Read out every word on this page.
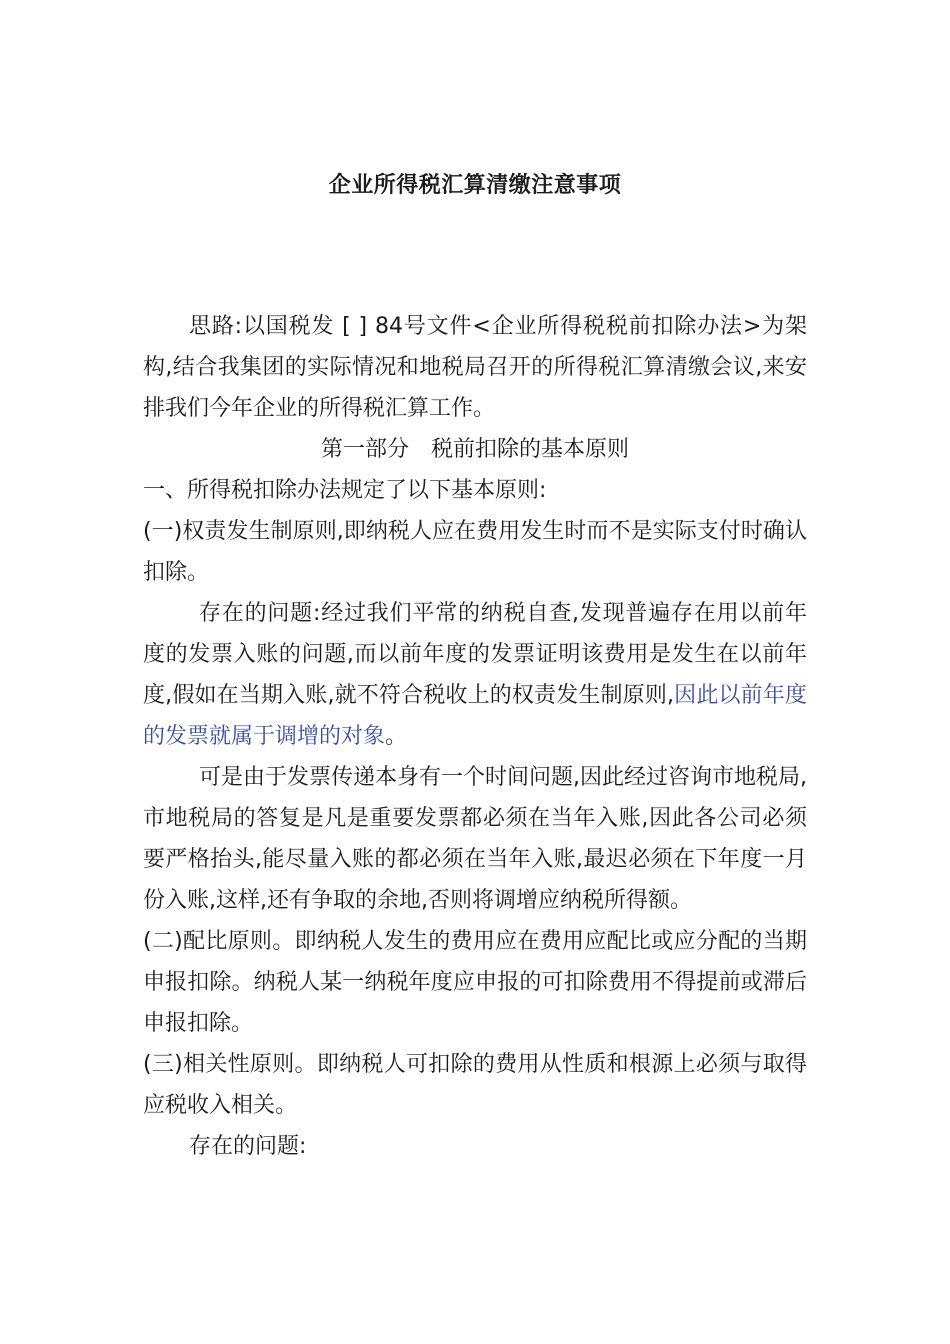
企业所得税汇算清缴注意事项

思路:以国税发 [ ] 84号文件<企业所得税税前扣除办法>为架构,结合我集团的实际情况和地税局召开的所得税汇算清缴会议,来安排我们今年企业的所得税汇算工作。

第一部分　税前扣除的基本原则

一、所得税扣除办法规定了以下基本原则:

(一)权责发生制原则,即纳税人应在费用发生时而不是实际支付时确认扣除。

存在的问题:经过我们平常的纳税自查,发现普遍存在用以前年度的发票入账的问题,而以前年度的发票证明该费用是发生在以前年度,假如在当期入账,就不符合税收上的权责发生制原则,因此以前年度的发票就属于调增的对象。

可是由于发票传递本身有一个时间问题,因此经过咨询市地税局,市地税局的答复是凡是重要发票都必须在当年入账,因此各公司必须要严格抬头,能尽量入账的都必须在当年入账,最迟必须在下年度一月份入账,这样,还有争取的余地,否则将调增应纳税所得额。

(二)配比原则。即纳税人发生的费用应在费用应配比或应分配的当期申报扣除。纳税人某一纳税年度应申报的可扣除费用不得提前或滞后申报扣除。

(三)相关性原则。即纳税人可扣除的费用从性质和根源上必须与取得应税收入相关。

存在的问题:
